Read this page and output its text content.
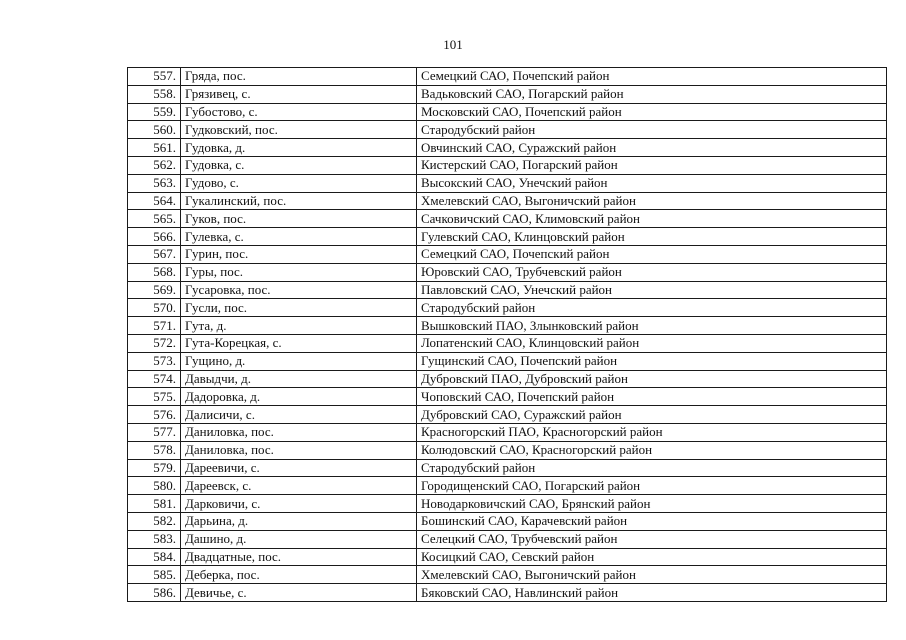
101
557.	Гряда, пос.	Семецкий САО, Почепский район
558.	Грязивец, с.	Вадьковский САО, Погарский район
559.	Губостово, с.	Московский САО, Почепский район
560.	Гудковский, пос.	Стародубский район
561.	Гудовка, д.	Овчинский САО, Суражский район
562.	Гудовка, с.	Кистерский САО, Погарский район
563.	Гудово, с.	Высокский САО, Унечский район
564.	Гукалинский, пос.	Хмелевский САО, Выгоничский район
565.	Гуков, пос.	Сачковичский САО, Климовский район
566.	Гулевка, с.	Гулевский САО, Клинцовский район
567.	Гурин, пос.	Семецкий САО, Почепский район
568.	Гуры, пос.	Юровский САО, Трубчевский район
569.	Гусаровка, пос.	Павловский САО, Унечский район
570.	Гусли, пос.	Стародубский район
571.	Гута, д.	Вышковский ПАО, Злынковский район
572.	Гута-Корецкая, с.	Лопатенский САО, Клинцовский район
573.	Гущино, д.	Гущинский САО, Почепский район
574.	Давыдчи, д.	Дубровский ПАО, Дубровский район
575.	Дадоровка, д.	Чоповский САО, Почепский район
576.	Далисичи, с.	Дубровский САО, Суражский район
577.	Даниловка, пос.	Красногорский ПАО, Красногорский район
578.	Даниловка, пос.	Колюдовский САО, Красногорский район
579.	Дареевичи, с.	Стародубский район
580.	Дареевск, с.	Городищенский САО, Погарский район
581.	Дарковичи, с.	Новодарковичский САО, Брянский район
582.	Дарьина, д.	Бошинский САО, Карачевский район
583.	Дашино, д.	Селецкий САО, Трубчевский район
584.	Двадцатные, пос.	Косицкий САО, Севский район
585.	Деберка, пос.	Хмелевский САО, Выгоничский район
586.	Девичье, с.	Бяковский САО, Навлинский район
